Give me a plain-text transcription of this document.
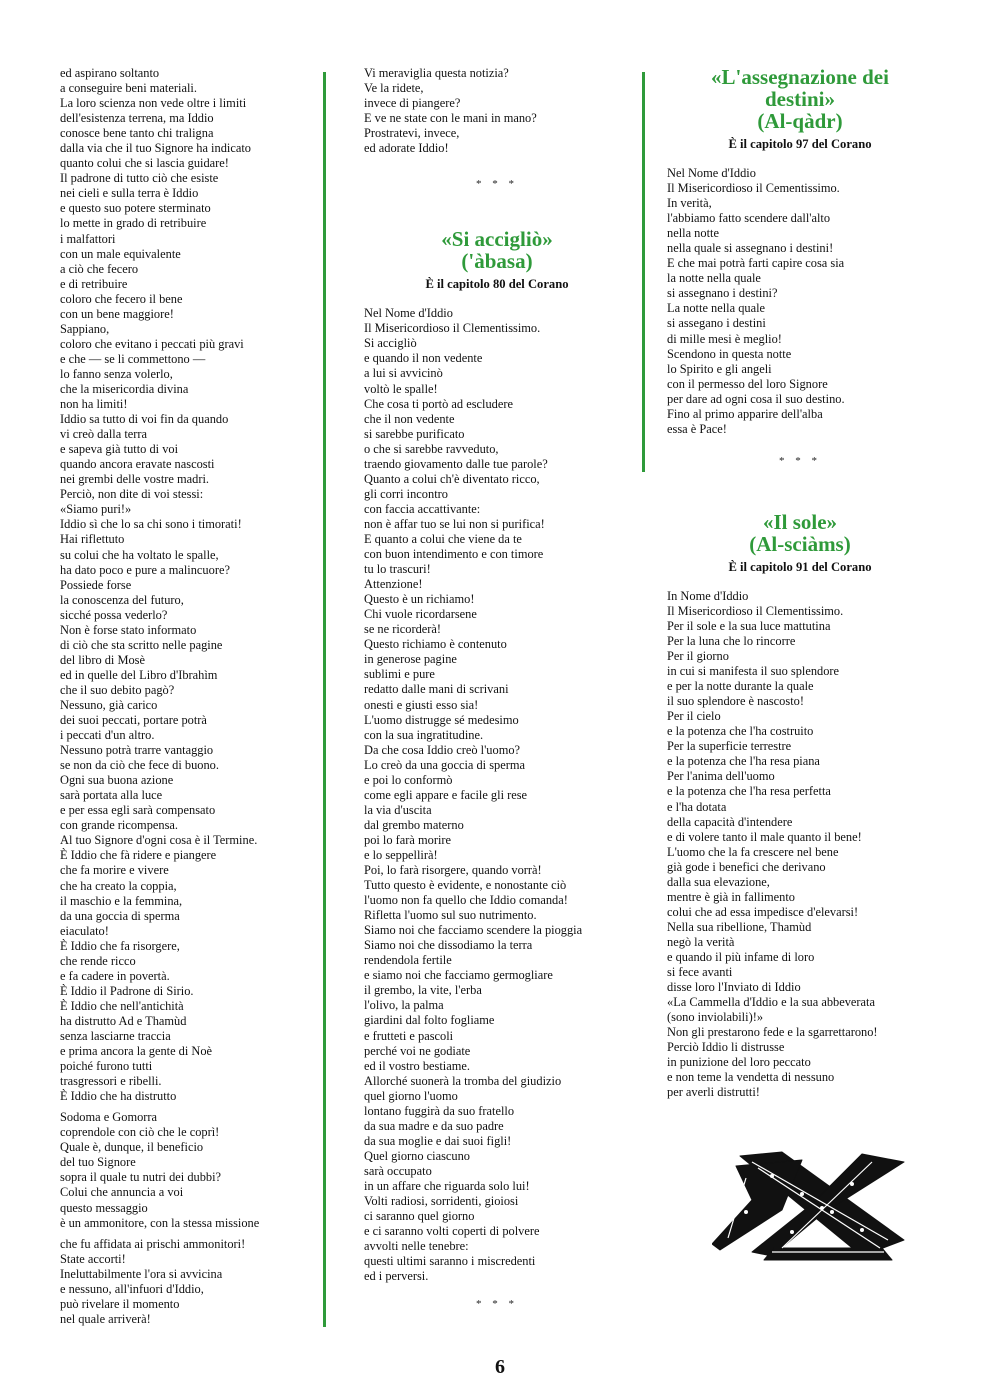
ed aspirano soltanto
a conseguire beni materiali.
La loro scienza non vede oltre i limiti
dell'esistenza terrena, ma Iddio
conosce bene tanto chi traligna
dalla via che il tuo Signore ha indicato
quanto colui che si lascia guidare!
Il padrone di tutto ciò che esiste
nei cieli e sulla terra è Iddio
e questo suo potere sterminato
lo mette in grado di retribuire
i malfattori
con un male equivalente
a ciò che fecero
e di retribuire
coloro che fecero il bene
con un bene maggiore!
Sappiano,
coloro che evitano i peccati più gravi
e che — se li commettono —
lo fanno senza volerlo,
che la misericordia divina
non ha limiti!
Iddio sa tutto di voi fin da quando
vi creò dalla terra
e sapeva già tutto di voi
quando ancora eravate nascosti
nei grembi delle vostre madri.
Perciò, non dite di voi stessi:
«Siamo puri!»
Iddio sì che lo sa chi sono i timorati!
Hai riflettuto
su colui che ha voltato le spalle,
ha dato poco e pure a malincuore?
Possiede forse
la conoscenza del futuro,
sicché possa vederlo?
Non è forse stato informato
di ciò che sta scritto nelle pagine
del libro di Mosè
ed in quelle del Libro d'Ibrahìm
che il suo debito pagò?
Nessuno, già carico
dei suoi peccati, portare potrà
i peccati d'un altro.
Nessuno potrà trarre vantaggio
se non da ciò che fece di buono.
Ogni sua buona azione
sarà portata alla luce
e per essa egli sarà compensato
con grande ricompensa.
Al tuo Signore d'ogni cosa è il Termine.
È Iddio che fà ridere e piangere
che fa morire e vivere
che ha creato la coppia,
il maschio e la femmina,
da una goccia di sperma
eiaculato!
È Iddio che fa risorgere,
che rende ricco
e fa cadere in povertà.
È Iddio il Padrone di Sirio.
È Iddio che nell'antichità
ha distrutto Ad e Thamùd
senza lasciarne traccia
e prima ancora la gente di Noè
poiché furono tutti
trasgressori e ribelli.
È Iddio che ha distrutto
Sodoma e Gomorra
coprendole con ciò che le coprì!
Quale è, dunque, il beneficio
del tuo Signore
sopra il quale tu nutri dei dubbi?
Colui che annuncia a voi
questo messaggio
è un ammonitore, con la stessa missione
che fu affidata ai prischi ammonitori!
State accorti!
Ineluttabilmente l'ora si avvicina
e nessuno, all'infuori d'Iddio,
può rivelare il momento
nel quale arriverà!
Vi meraviglia questa notizia?
Ve la ridete,
invece di piangere?
E ve ne state con le mani in mano?
Prostratevi, invece,
ed adorate Iddio!
* * *
«Si accigliò»
('àbasa)
È il capitolo 80 del Corano
Nel Nome d'Iddio
Il Misericordioso il Clementissimo.
Si accigliò
e quando il non vedente
a lui si avvicinò
voltò le spalle!
Che cosa ti portò ad escludere
che il non vedente
si sarebbe purificato
o che si sarebbe ravveduto,
traendo giovamento dalle tue parole?
Quanto a colui ch'è diventato ricco,
gli corri incontro
con faccia accattivante:
non è affar tuo se lui non si purifica!
E quanto a colui che viene da te
con buon intendimento e con timore
tu lo trascuri!
Attenzione!
Questo è un richiamo!
Chi vuole ricordarsene
se ne ricorderà!
Questo richiamo è contenuto
in generose pagine
sublimi e pure
redatto dalle mani di scrivani
onesti e giusti esso sia!
L'uomo distrugge sé medesimo
con la sua ingratitudine.
Da che cosa Iddio creò l'uomo?
Lo creò da una goccia di sperma
e poi lo conformò
come egli appare e facile gli rese
la via d'uscita
dal grembo materno
poi lo farà morire
e lo seppellirà!
Poi, lo farà risorgere, quando vorrà!
Tutto questo è evidente, e nonostante ciò
l'uomo non fa quello che Iddio comanda!
Rifletta l'uomo sul suo nutrimento.
Siamo noi che facciamo scendere la pioggia
Siamo noi che dissodiamo la terra
rendendola fertile
e siamo noi che facciamo germogliare
il grembo, la vite, l'erba
l'olivo, la palma
giardini dal folto fogliame
e frutteti e pascoli
perché voi ne godiate
ed il vostro bestiame.
Allorché suonerà la tromba del giudizio
quel giorno l'uomo
lontano fuggirà da suo fratello
da sua madre e da suo padre
da sua moglie e dai suoi figli!
Quel giorno ciascuno
sarà occupato
in un affare che riguarda solo lui!
Volti radiosi, sorridenti, gioiosi
ci saranno quel giorno
e ci saranno volti coperti di polvere
avvolti nelle tenebre:
questi ultimi saranno i miscredenti
ed i perversi.
* * *
«L'assegnazione dei
destini»
(Al-qàdr)
È il capitolo 97 del Corano
Nel Nome d'Iddio
Il Misericordioso il Cementissimo.
In verità,
l'abbiamo fatto scendere dall'alto
nella notte
nella quale si assegnano i destini!
E che mai potrà farti capire cosa sia
la notte nella quale
si assegnano i destini?
La notte nella quale
si assegano i destini
di mille mesi è meglio!
Scendono in questa notte
lo Spirito e gli angeli
con il permesso del loro Signore
per dare ad ogni cosa il suo destino.
Fino al primo apparire dell'alba
essa è Pace!
* * *
«Il sole»
(Al-sciàms)
È il capitolo 91 del Corano
In Nome d'Iddio
Il Misericordioso il Clementissimo.
Per il sole e la sua luce mattutina
Per la luna che lo rincorre
Per il giorno
in cui si manifesta il suo splendore
e per la notte durante la quale
il suo splendore è nascosto!
Per il cielo
e la potenza che l'ha costruito
Per la superficie terrestre
e la potenza che l'ha resa piana
Per l'anima dell'uomo
e la potenza che l'ha resa perfetta
e l'ha dotata
della capacità d'intendere
e di volere tanto il male quanto il bene!
L'uomo che la fa crescere nel bene
già gode i benefici che derivano
dalla sua elevazione,
mentre è già in fallimento
colui che ad essa impedisce d'elevarsi!
Nella sua ribellione, Thamùd
negò la verità
e quando il più infame di loro
si fece avanti
disse loro l'Inviato di Iddio
«La Cammella d'Iddio e la sua abbeverata
(sono inviolabili)!»
Non gli prestarono fede e la sgarrettarono!
Perciò Iddio li distrusse
in punizione del loro peccato
e non teme la vendetta di nessuno
per averli distrutti!
6
